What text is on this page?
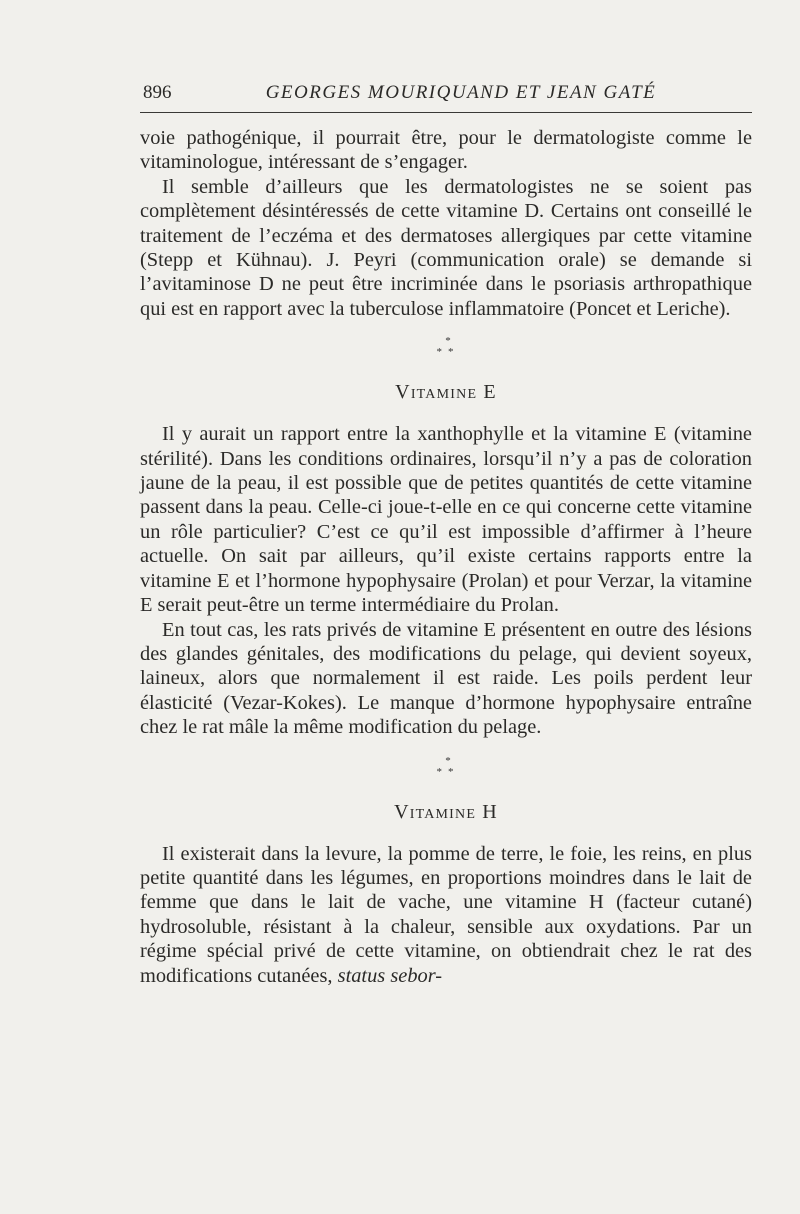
896	GEORGES MOURIQUAND ET JEAN GATÉ

voie pathogénique, il pourrait être, pour le dermatologiste comme le vitaminologue, intéressant de s’engager.

Il semble d’ailleurs que les dermatologistes ne se soient pas complètement désintéressés de cette vitamine D. Certains ont conseillé le traitement de l’eczéma et des dermatoses allergiques par cette vitamine (Stepp et Kühnau). J. Peyri (communication orale) se demande si l’avitaminose D ne peut être incriminée dans le psoriasis arthropathique qui est en rapport avec la tuberculose inflammatoire (Poncet et Leriche).

*
**
Vitamine E

Il y aurait un rapport entre la xanthophylle et la vitamine E (vitamine stérilité). Dans les conditions ordinaires, lorsqu’il n’y a pas de coloration jaune de la peau, il est possible que de petites quantités de cette vitamine passent dans la peau. Celle-ci joue-t-elle en ce qui concerne cette vitamine un rôle particulier? C’est ce qu’il est impossible d’affirmer à l’heure actuelle. On sait par ailleurs, qu’il existe certains rapports entre la vitamine E et l’hormone hypophysaire (Prolan) et pour Verzar, la vitamine E serait peut-être un terme intermédiaire du Prolan.

En tout cas, les rats privés de vitamine E présentent en outre des lésions des glandes génitales, des modifications du pelage, qui devient soyeux, laineux, alors que normalement il est raide. Les poils perdent leur élasticité (Vezar-Kokes). Le manque d’hormone hypophysaire entraîne chez le rat mâle la même modification du pelage.

*
**
Vitamine H

Il existerait dans la levure, la pomme de terre, le foie, les reins, en plus petite quantité dans les légumes, en proportions moindres dans le lait de femme que dans le lait de vache, une vitamine H (facteur cutané) hydrosoluble, résistant à la chaleur, sensible aux oxydations. Par un régime spécial privé de cette vitamine, on obtiendrait chez le rat des modifications cutanées, status sebor-
